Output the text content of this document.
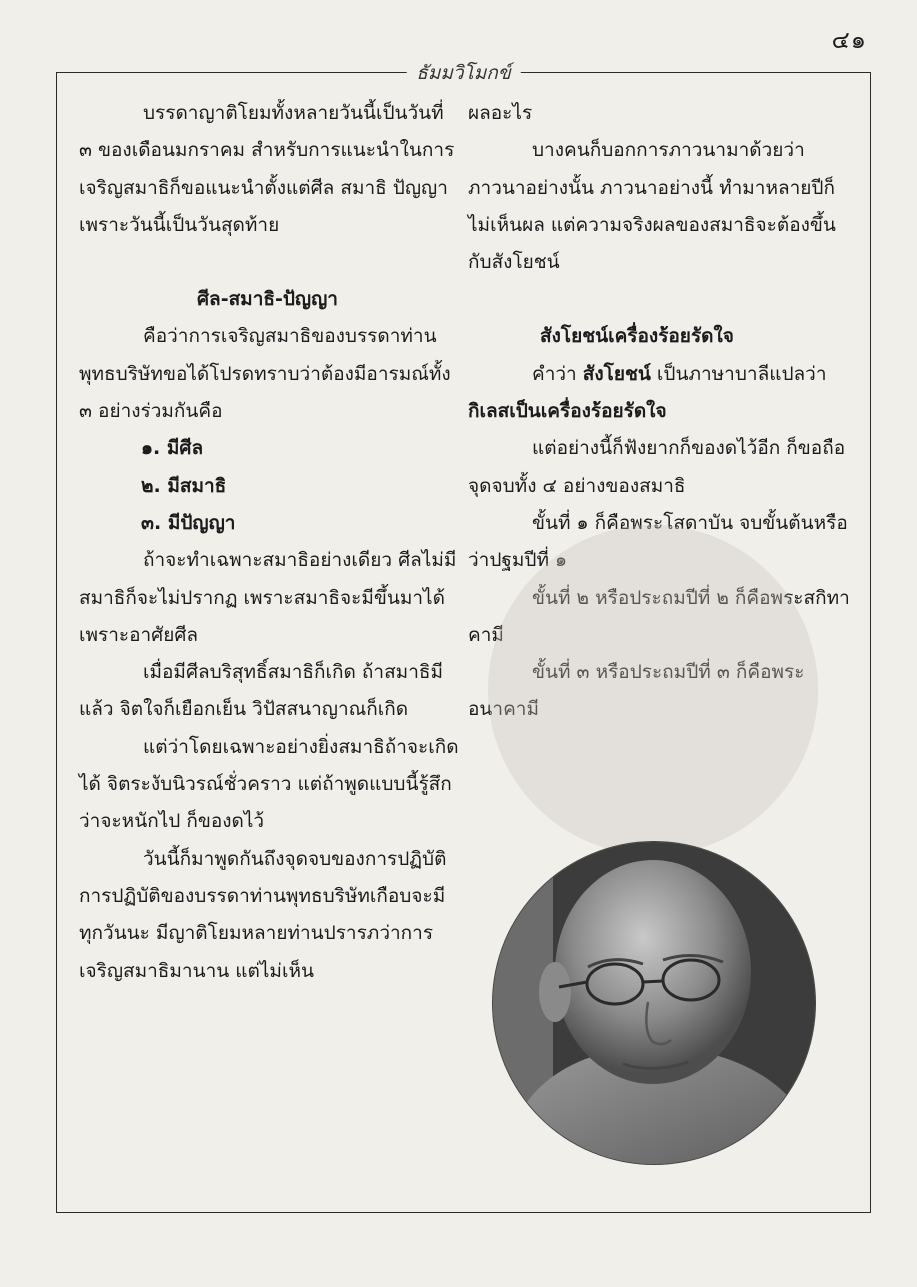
๔๑
ธัมมวิโมกข์

บรรดาญาติโยมทั้งหลายวันนี้เป็นวันที่ ๓ ของเดือนมกราคม สำหรับการแนะนำในการเจริญสมาธิก็ขอแนะนำตั้งแต่ศีล สมาธิ ปัญญา เพราะวันนี้เป็นวันสุดท้าย

ศีล-สมาธิ-ปัญญา

คือว่าการเจริญสมาธิของบรรดาท่านพุทธบริษัทขอได้โปรดทราบว่าต้องมีอารมณ์ทั้ง ๓ อย่างร่วมกันคือ

๑. มีศีล

๒. มีสมาธิ

๓. มีปัญญา

ถ้าจะทำเฉพาะสมาธิอย่างเดียว ศีลไม่มี สมาธิก็จะไม่ปรากฏ เพราะสมาธิจะมีขึ้นมาได้เพราะอาศัยศีล

เมื่อมีศีลบริสุทธิ์สมาธิก็เกิด ถ้าสมาธิมีแล้ว จิตใจก็เยือกเย็น วิปัสสนาญาณก็เกิด

แต่ว่าโดยเฉพาะอย่างยิ่งสมาธิถ้าจะเกิดได้ จิตระงับนิวรณ์ชั่วคราว แต่ถ้าพูดแบบนี้รู้สึกว่าจะหนักไป ก็ของดไว้

วันนี้ก็มาพูดกันถึงจุดจบของการปฏิบัติ การปฏิบัติของบรรดาท่านพุทธบริษัทเกือบจะมีทุกวันนะ มีญาติโยมหลายท่านปรารภว่าการเจริญสมาธิมานาน แต่ไม่เห็น

ผลอะไร

บางคนก็บอกการภาวนามาด้วยว่าภาวนาอย่างนั้น ภาวนาอย่างนี้ ทำมาหลายปีก็ไม่เห็นผล แต่ความจริงผลของสมาธิจะต้องขึ้นกับสังโยชน์

สังโยชน์เครื่องร้อยรัดใจ

คำว่า สังโยชน์ เป็นภาษาบาลีแปลว่า กิเลสเป็นเครื่องร้อยรัดใจ

แต่อย่างนี้ก็ฟังยากก็ของดไว้อีก ก็ขอถือจุดจบทั้ง ๔ อย่างของสมาธิ

ขั้นที่ ๑ ก็คือพระโสดาบัน จบขั้นต้นหรือว่าปฐมปีที่ ๑

ขั้นที่ ๒ หรือประถมปีที่ ๒ ก็คือพระสกิทาคามี

ขั้นที่ ๓ หรือประถมปีที่ ๓ ก็คือพระอนาคามี
